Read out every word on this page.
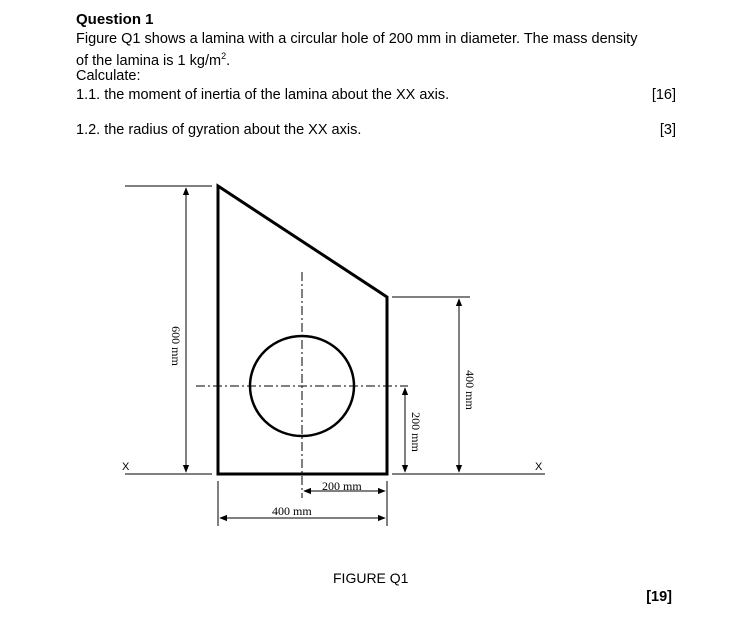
Question 1

Figure Q1 shows a lamina with a circular hole of 200 mm in diameter. The mass density
of the lamina is 1 $kg/m^2$.

Calculate:

1.1. the moment of inertia of the lamina about the XX axis.	[16]

1.2. the radius of gyration about the XX axis.	[3]
X	X
600 mm
400 mm
200 mm
200 mm
400 mm
FIGURE Q1
[19]
